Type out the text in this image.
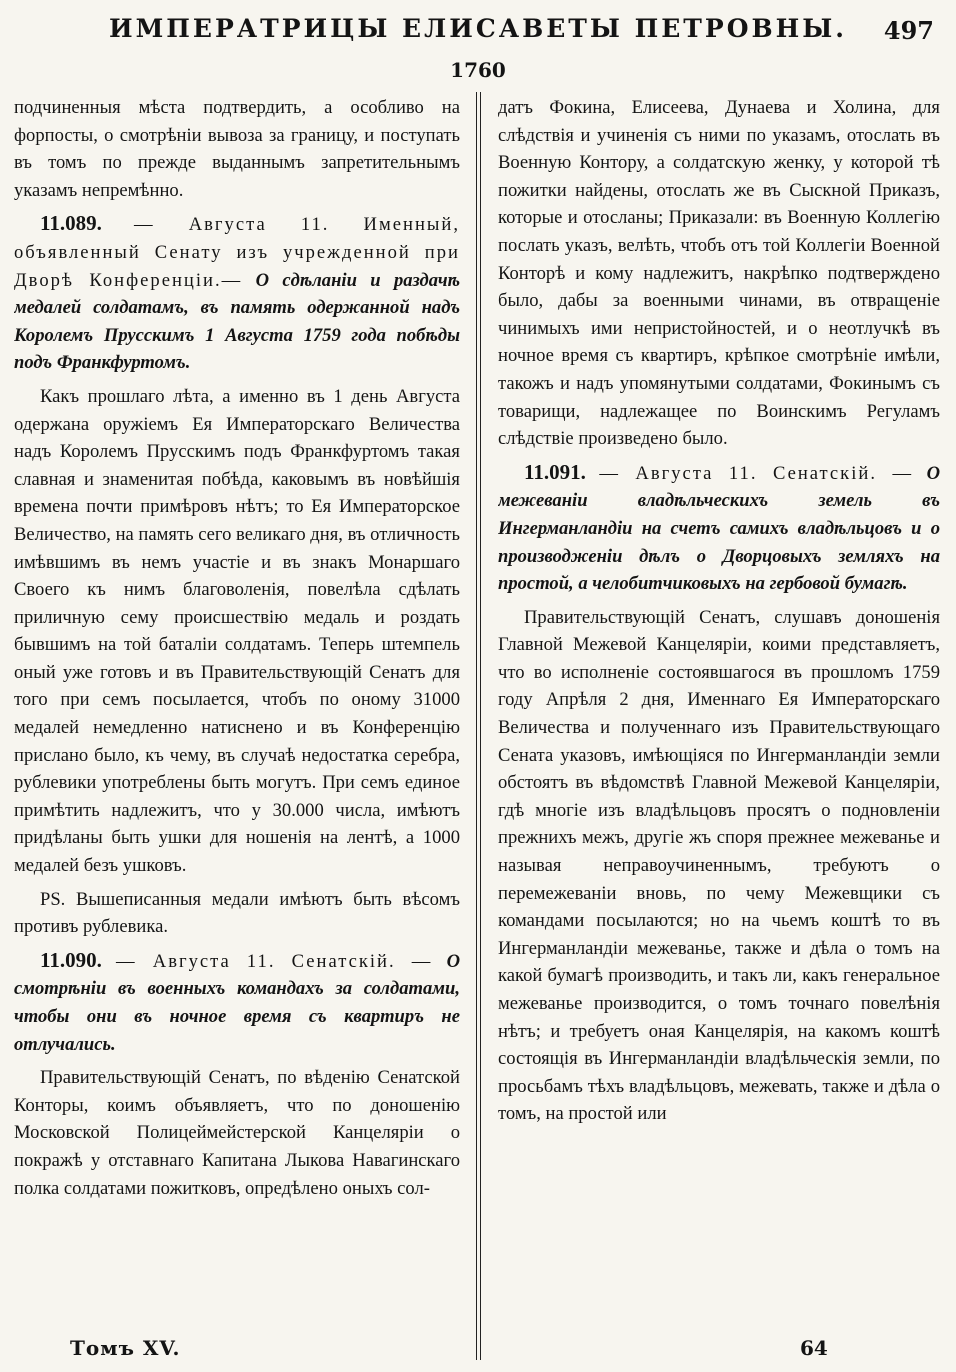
ИМПЕРАТРИЦЫ ЕЛИСАВЕТЫ ПЕТРОВНЫ.	497
1760

подчиненныя мѣста подтвердить, а особливо на форпосты, о смотрѣніи вывоза за границу, и поступать въ томъ по прежде выданнымъ запретительнымъ указамъ непремѣнно.

11.089. — Августа 11. Именный, объявленный Сенату изъ учрежденной при Дворѣ Конференціи.— О сдѣланіи и раздачѣ медалей солдатамъ, въ память одержанной надъ Королемъ Прусскимъ 1 Августа 1759 года побѣды подъ Франкфуртомъ.

Какъ прошлаго лѣта, а именно въ 1 день Августа одержана оружіемъ Ея Императорскаго Величества надъ Королемъ Прусскимъ подъ Франкфуртомъ такая славная и знаменитая побѣда, каковымъ въ новѣйшія времена почти примѣровъ нѣтъ; то Ея Императорское Величество, на память сего великаго дня, въ отличность имѣвшимъ въ немъ участіе и въ знакъ Монаршаго Своего къ нимъ благоволенія, повелѣла сдѣлать приличную сему происшествію медаль и роздать бывшимъ на той баталіи солдатамъ. Теперь штемпель оный уже готовъ и въ Правительствующій Сенатъ для того при семъ посылается, чтобъ по оному 31000 медалей немедленно натиснено и въ Конференцію прислано было, къ чему, въ случаѣ недостатка серебра, рублевики употреблены быть могутъ. При семъ единое примѣтить надлежитъ, что у 30.000 числа, имѣютъ придѣланы быть ушки для ношенія на лентѣ, а 1000 медалей безъ ушковъ.

PS. Вышеписанныя медали имѣютъ быть вѣсомъ противъ рублевика.

11.090. — Августа 11. Сенатскій. — О смотрѣніи въ военныхъ командахъ за солдатами, чтобы они въ ночное время съ квартиръ не отлучались.

Правительствующій Сенатъ, по вѣденію Сенатской Конторы, коимъ объявляетъ, что по доношенію Московской Полицеймейстерской Канцеляріи о покражѣ у отставнаго Капитана Лыкова Навагинскаго полка солдатами пожитковъ, опредѣлено оныхъ сол-

датъ Фокина, Елисеева, Дунаева и Холина, для слѣдствія и учиненія съ ними по указамъ, отослать въ Военную Контору, а солдатскую женку, у которой тѣ пожитки найдены, отослать же въ Сыскной Приказъ, которые и отосланы; Приказали: въ Военную Коллегію послать указъ, велѣть, чтобъ отъ той Коллегіи Военной Конторѣ и кому надлежитъ, накрѣпко подтверждено было, дабы за военными чинами, въ отвращеніе чинимыхъ ими непристойностей, и о неотлучкѣ въ ночное время съ квартиръ, крѣпкое смотрѣніе имѣли, такожъ и надъ упомянутыми солдатами, Фокинымъ съ товарищи, надлежащее по Воинскимъ Регуламъ слѣдствіе произведено было.

11.091. — Августа 11. Сенатскій. — О межеваніи владѣльческихъ земель въ Ингерманландіи на счетъ самихъ владѣльцовъ и о производженіи дѣлъ о Дворцовыхъ земляхъ на простой, а челобитчиковыхъ на гербовой бумагѣ.

Правительствующій Сенатъ, слушавъ доношенія Главной Межевой Канцеляріи, коими представляетъ, что во исполненіе состоявшагося въ прошломъ 1759 году Апрѣля 2 дня, Именнаго Ея Императорскаго Величества и полученнаго изъ Правительствующаго Сената указовъ, имѣющіяся по Ингерманландіи земли обстоятъ въ вѣдомствѣ Главной Межевой Канцеляріи, гдѣ многіе изъ владѣльцовъ просятъ о подновленіи прежнихъ межъ, другіе жъ споря прежнее межеванье и называя неправоучиненнымъ, требуютъ о перемежеваніи вновь, по чему Межевщики съ командами посылаются; но на чьемъ коштѣ то въ Ингерманландіи межеванье, также и дѣла о томъ на какой бумагѣ производить, и такъ ли, какъ генеральное межеванье производится, о томъ точнаго повелѣнія нѣтъ; и требуетъ оная Канцелярія, на какомъ коштѣ состоящія въ Ингерманландіи владѣльческія земли, по просьбамъ тѣхъ владѣльцовъ, межевать, также и дѣла о томъ, на простой или

Томъ XV.	64
